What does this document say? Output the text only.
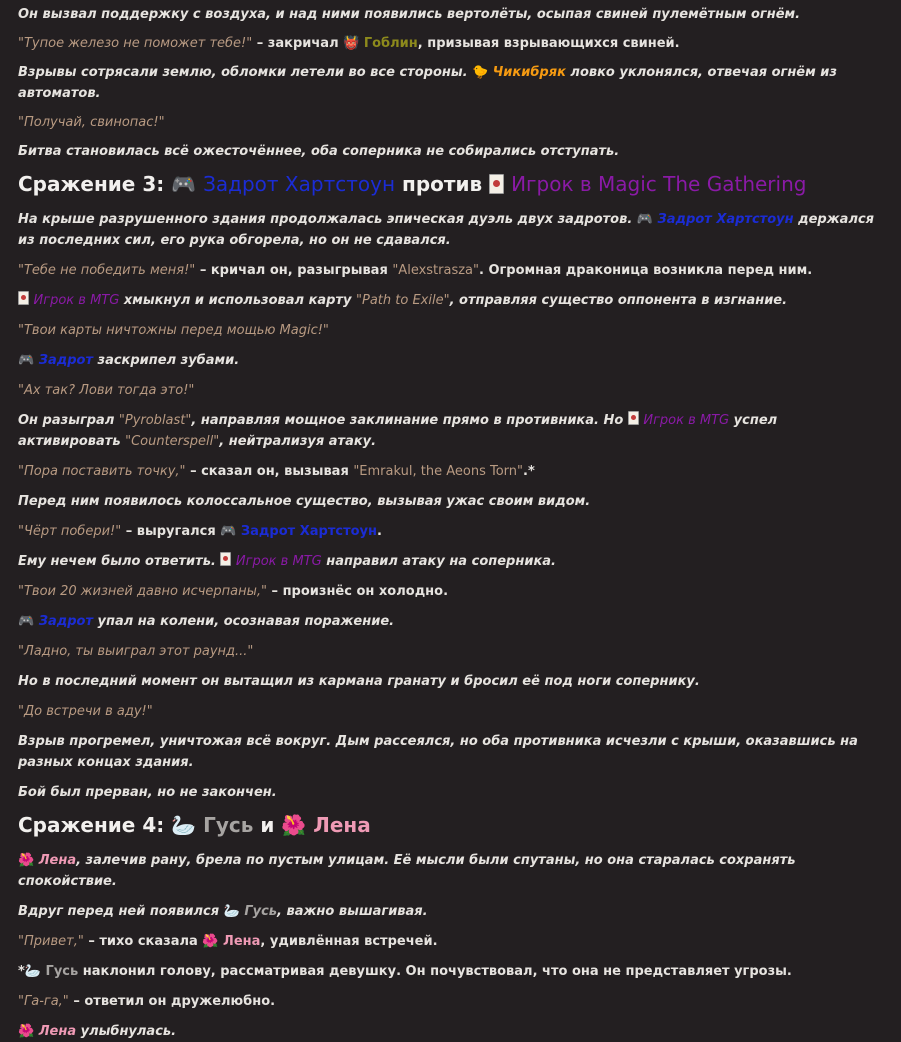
Он вызвал поддержку с воздуха, и над ними появились вертолёты, осыпая свиней пулемётным огнём.

"Тупое железо не поможет тебе!" – закричал 👹 Гоблин, призывая взрывающихся свиней.

Взрывы сотрясали землю, обломки летели во все стороны. 🐤 Чикибряк ловко уклонялся, отвечая огнём из автоматов.

"Получай, свинопас!"

Битва становилась всё ожесточённее, оба соперника не собирались отступать.

Сражение 3: 🎮 Задрот Хартстоун против  Игрок в Magic The Gathering

На крыше разрушенного здания продолжалась эпическая дуэль двух задротов. 🎮 Задрот Хартстоун держался из последних сил, его рука обгорела, но он не сдавался.

"Тебе не победить меня!" – кричал он, разыгрывая "Alexstrasza". Огромная драконица возникла перед ним.

Игрок в MTG хмыкнул и использовал карту "Path to Exile", отправляя существо оппонента в изгнание.

"Твои карты ничтожны перед мощью Magic!"

🎮 Задрот заскрипел зубами.

"Ах так? Лови тогда это!"

Он разыграл "Pyroblast", направляя мощное заклинание прямо в противника. Но  Игрок в MTG успел активировать "Counterspell", нейтрализуя атаку.

"Пора поставить точку," – сказал он, вызывая "Emrakul, the Aeons Torn".*

Перед ним появилось колоссальное существо, вызывая ужас своим видом.

"Чёрт побери!" – выругался 🎮 Задрот Хартстоун.

Ему нечем было ответить.  Игрок в MTG направил атаку на соперника.

"Твои 20 жизней давно исчерпаны," – произнёс он холодно.

🎮 Задрот упал на колени, осознавая поражение.

"Ладно, ты выиграл этот раунд..."

Но в последний момент он вытащил из кармана гранату и бросил её под ноги сопернику.

"До встречи в аду!"

Взрыв прогремел, уничтожая всё вокруг. Дым рассеялся, но оба противника исчезли с крыши, оказавшись на разных концах здания.

Бой был прерван, но не закончен.

Сражение 4: 🦢 Гусь и 🌺 Лена

🌺 Лена, залечив рану, брела по пустым улицам. Её мысли были спутаны, но она старалась сохранять спокойствие.

Вдруг перед ней появился 🦢 Гусь, важно вышагивая.

"Привет," – тихо сказала 🌺 Лена, удивлённая встречей.

*🦢 Гусь наклонил голову, рассматривая девушку. Он почувствовал, что она не представляет угрозы.

"Га-га," – ответил он дружелюбно.

🌺 Лена улыбнулась.
